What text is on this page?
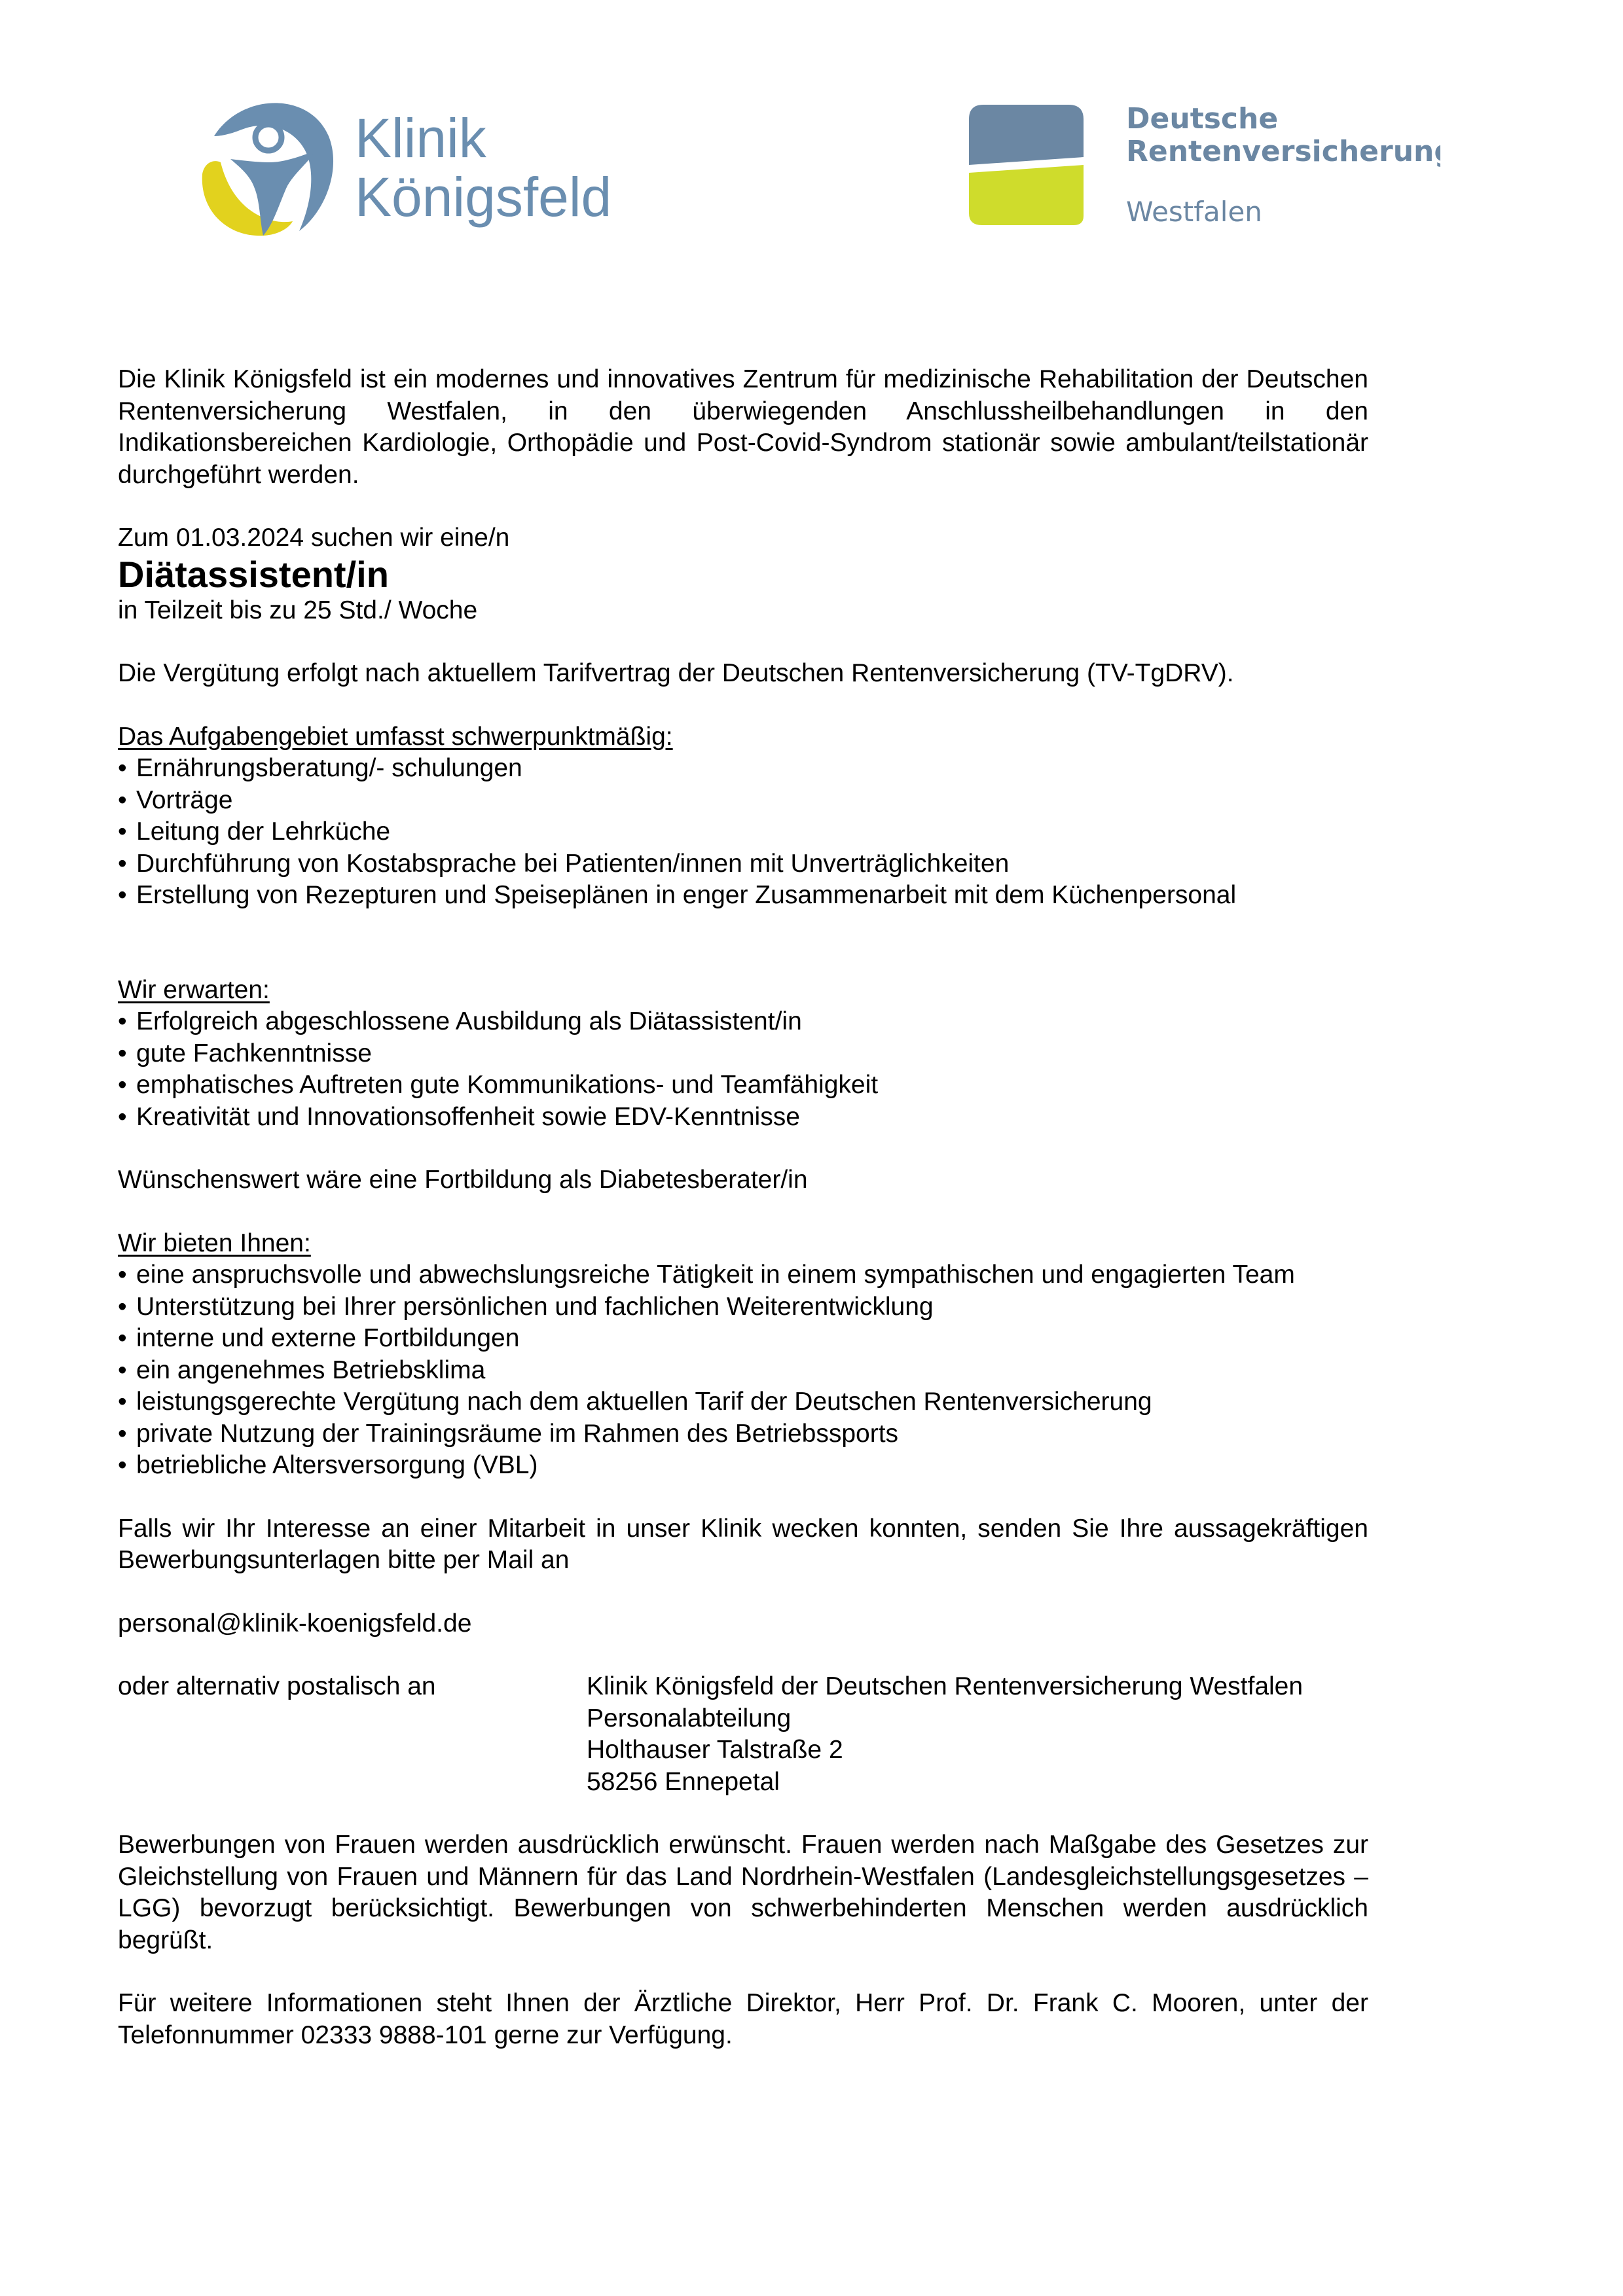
Klinik
Königsfeld
Deutsche
Rentenversicherung
Westfalen

Die Klinik Königsfeld ist ein modernes und innovatives Zentrum für medizinische Rehabilitation der Deutschen Rentenversicherung Westfalen, in den überwiegenden Anschlussheilbehandlungen in den Indikationsbereichen Kardiologie, Orthopädie und Post-Covid-Syndrom stationär sowie ambulant/teilstationär durchgeführt werden.

Zum 01.03.2024 suchen wir eine/n

Diätassistent/in

in Teilzeit bis zu 25 Std./ Woche

Die Vergütung erfolgt nach aktuellem Tarifvertrag der Deutschen Rentenversicherung (TV-TgDRV).

Das Aufgabengebiet umfasst schwerpunktmäßig:

• Ernährungsberatung/- schulungen
• Vorträge
• Leitung der Lehrküche
• Durchführung von Kostabsprache bei Patienten/innen mit Unverträglichkeiten
• Erstellung von Rezepturen und Speiseplänen in enger Zusammenarbeit mit dem Küchenpersonal

Wir erwarten:

• Erfolgreich abgeschlossene Ausbildung als Diätassistent/in
• gute Fachkenntnisse
• emphatisches Auftreten gute Kommunikations- und Teamfähigkeit
• Kreativität und Innovationsoffenheit sowie EDV-Kenntnisse

Wünschenswert wäre eine Fortbildung als Diabetesberater/in

Wir bieten Ihnen:

• eine anspruchsvolle und abwechslungsreiche Tätigkeit in einem sympathischen und engagierten Team
• Unterstützung bei Ihrer persönlichen und fachlichen Weiterentwicklung
• interne und externe Fortbildungen
• ein angenehmes Betriebsklima
• leistungsgerechte Vergütung nach dem aktuellen Tarif der Deutschen Rentenversicherung
• private Nutzung der Trainingsräume im Rahmen des Betriebssports
• betriebliche Altersversorgung (VBL)

Falls wir Ihr Interesse an einer Mitarbeit in unser Klinik wecken konnten, senden Sie Ihre aussagekräftigen Bewerbungsunterlagen bitte per Mail an

personal@klinik-koenigsfeld.de

oder alternativ postalisch an	Klinik Königsfeld der Deutschen Rentenversicherung Westfalen

Personalabteilung

Holthauser Talstraße 2

58256 Ennepetal

Bewerbungen von Frauen werden ausdrücklich erwünscht. Frauen werden nach Maßgabe des Gesetzes zur Gleichstellung von Frauen und Männern für das Land Nordrhein-Westfalen (Landesgleichstellungsgesetzes – LGG) bevorzugt berücksichtigt. Bewerbungen von schwerbehinderten Menschen werden ausdrücklich begrüßt.

Für weitere Informationen steht Ihnen der Ärztliche Direktor, Herr Prof. Dr. Frank C. Mooren, unter der Telefonnummer 02333 9888-101 gerne zur Verfügung.
